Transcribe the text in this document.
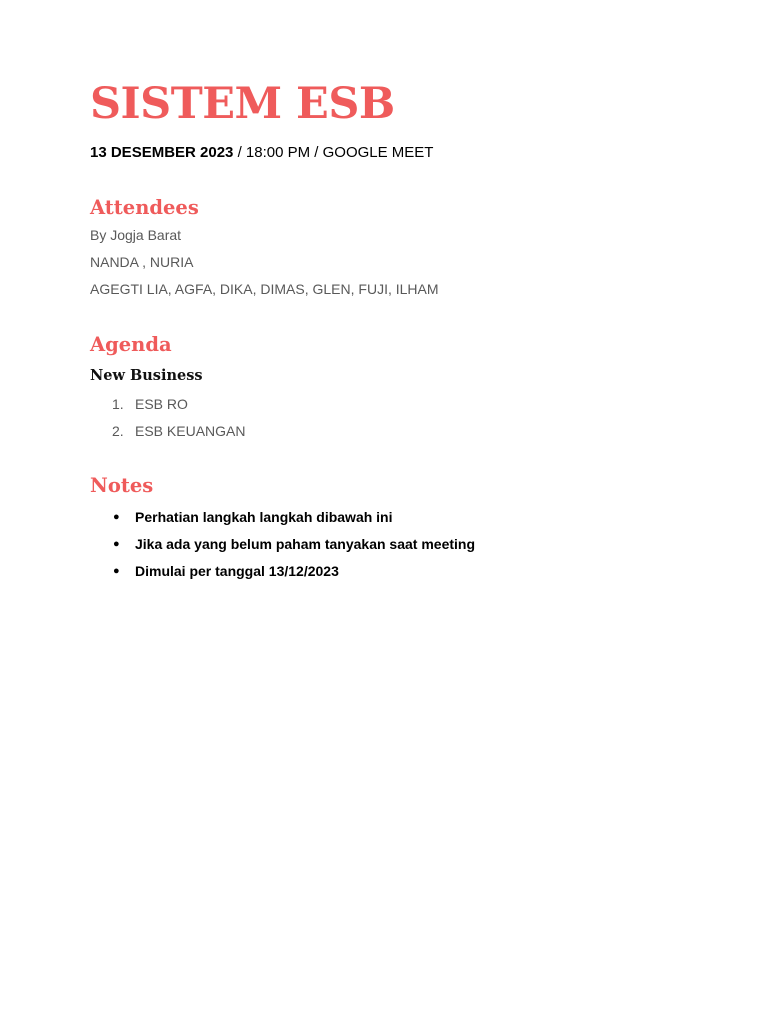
SISTEM ESB
13 DESEMBER 2023 / 18:00 PM / GOOGLE MEET
Attendees
By Jogja Barat
NANDA , NURIA
AGEGTI LIA, AGFA, DIKA, DIMAS, GLEN, FUJI, ILHAM
Agenda
New Business
1. ESB RO
2. ESB KEUANGAN
Notes
●	Perhatian langkah langkah dibawah ini
●	Jika ada yang belum paham tanyakan saat meeting
●	Dimulai per tanggal 13/12/2023
